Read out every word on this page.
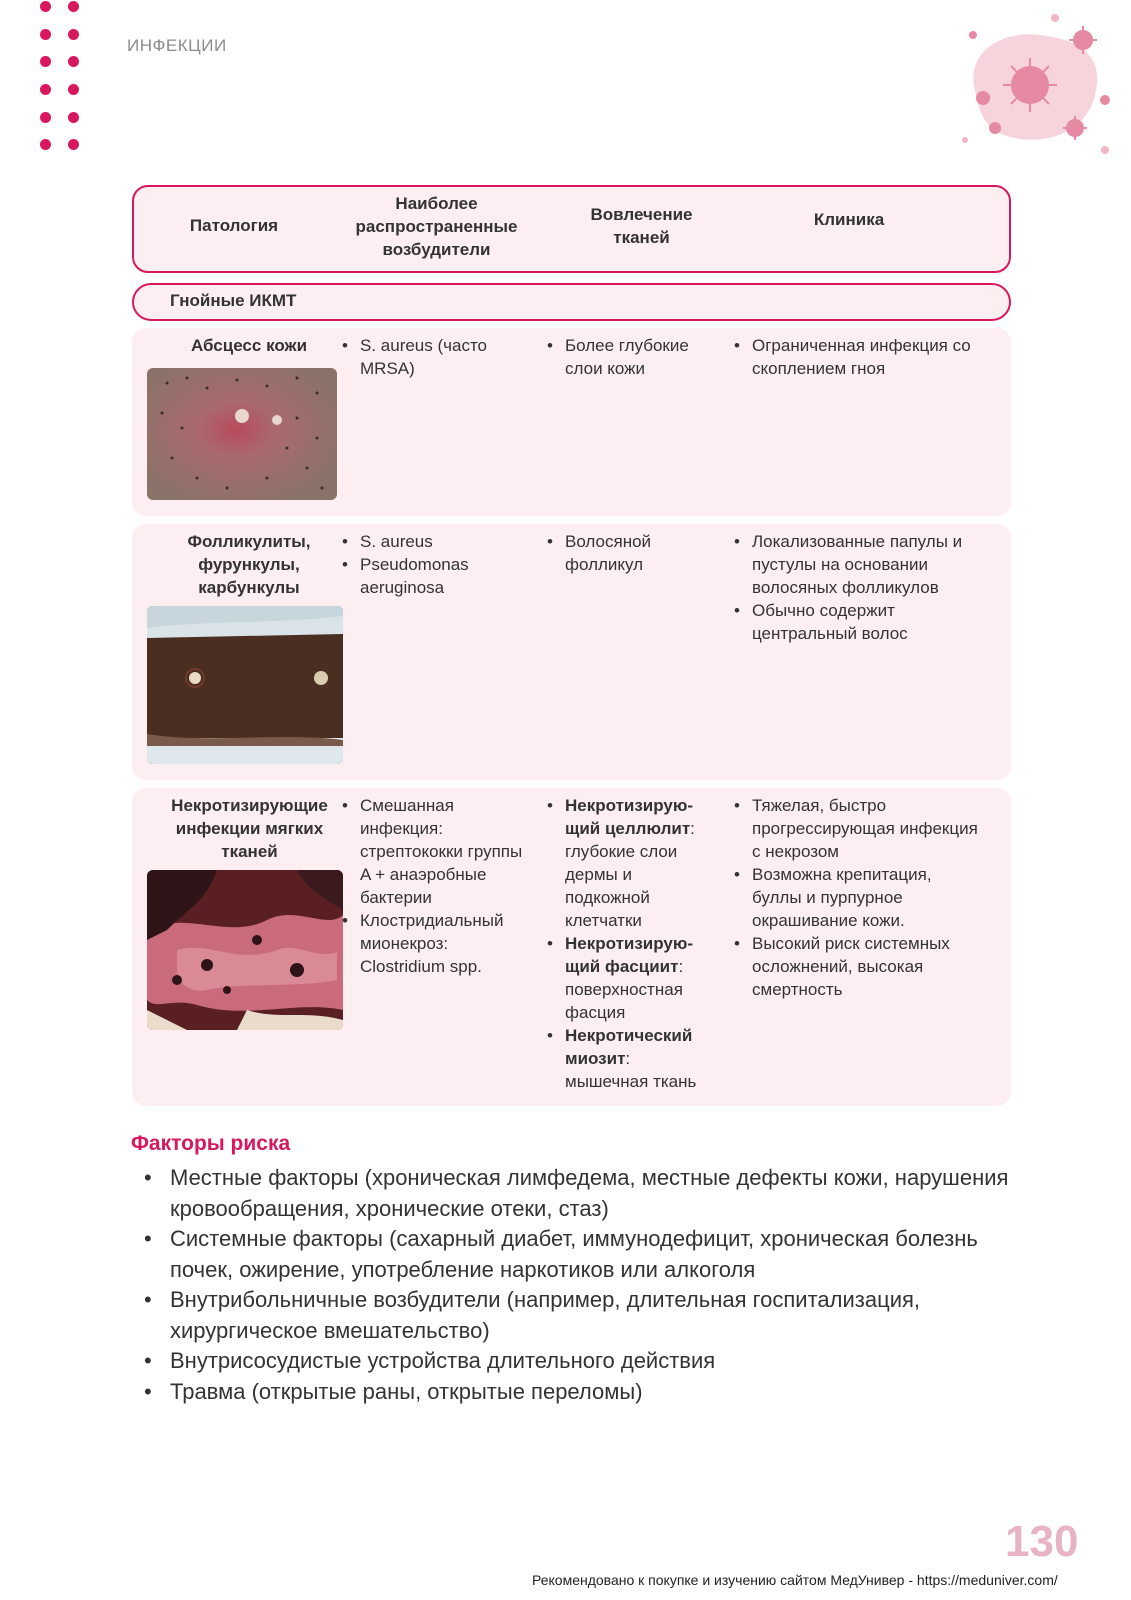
ИНФЕКЦИИ
Патология
Наиболее распространенные возбудители
Вовлечение тканей
Клиника
Гнойные ИКМТ
Абсцесс кожи
•	S. aureus (часто MRSA)
• Более глубокие слои кожи
• Ограниченная инфекция со скоплением гноя
Фолликулиты, фурункулы, карбункулы
• S. aureus
• Pseudomonas aeruginosa
• Волосяной фолликул
• Локализованные папулы и пустулы на основании волосяных фолликулов
• Обычно содержит центральный волос
Некротизирующие инфекции мягких тканей
• Смешанная инфекция: стрептококки группы A + анаэробные бактерии
• Клостридиальный мионекроз: Clostridium spp.
• Некротизирую-щий целлюлит: глубокие слои дермы и подкожной клетчатки
• Некротизирую-щий фасциит: поверхностная фасция
• Некротический миозит: мышечная ткань
• Тяжелая, быстро прогрессирующая инфекция с некрозом
• Возможна крепитация, буллы и пурпурное окрашивание кожи.
• Высокий риск системных осложнений, высокая смертность
Факторы риска
• Местные факторы (хроническая лимфедема, местные дефекты кожи, нарушения кровообращения, хронические отеки, стаз)
• Системные факторы (сахарный диабет, иммунодефицит, хроническая болезнь почек, ожирение, употребление наркотиков или алкоголя
• Внутрибольничные возбудители (например, длительная госпитализация, хирургическое вмешательство)
• Внутрисосудистые устройства длительного действия
• Травма (открытые раны, открытые переломы)
130
Рекомендовано к покупке и изучению сайтом МедУнивер - https://meduniver.com/
